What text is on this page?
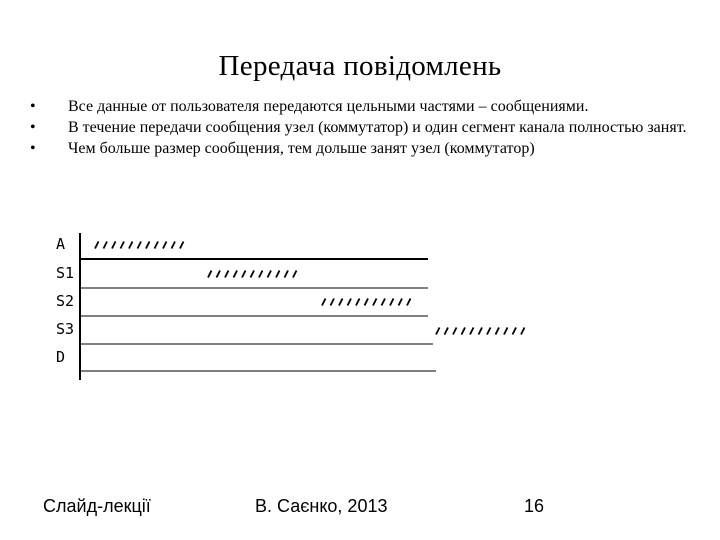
Передача повідомлень
•	Все данные от пользователя передаются цельными частями – сообщениями.
•	В течение передачи сообщения узел (коммутатор) и один сегмент канала полностью занят.
•	Чем больше размер сообщения, тем дольше занят узел (коммутатор)
A
S1
S2
S3
D
Слайд-лекції	В. Саєнко, 2013	16
